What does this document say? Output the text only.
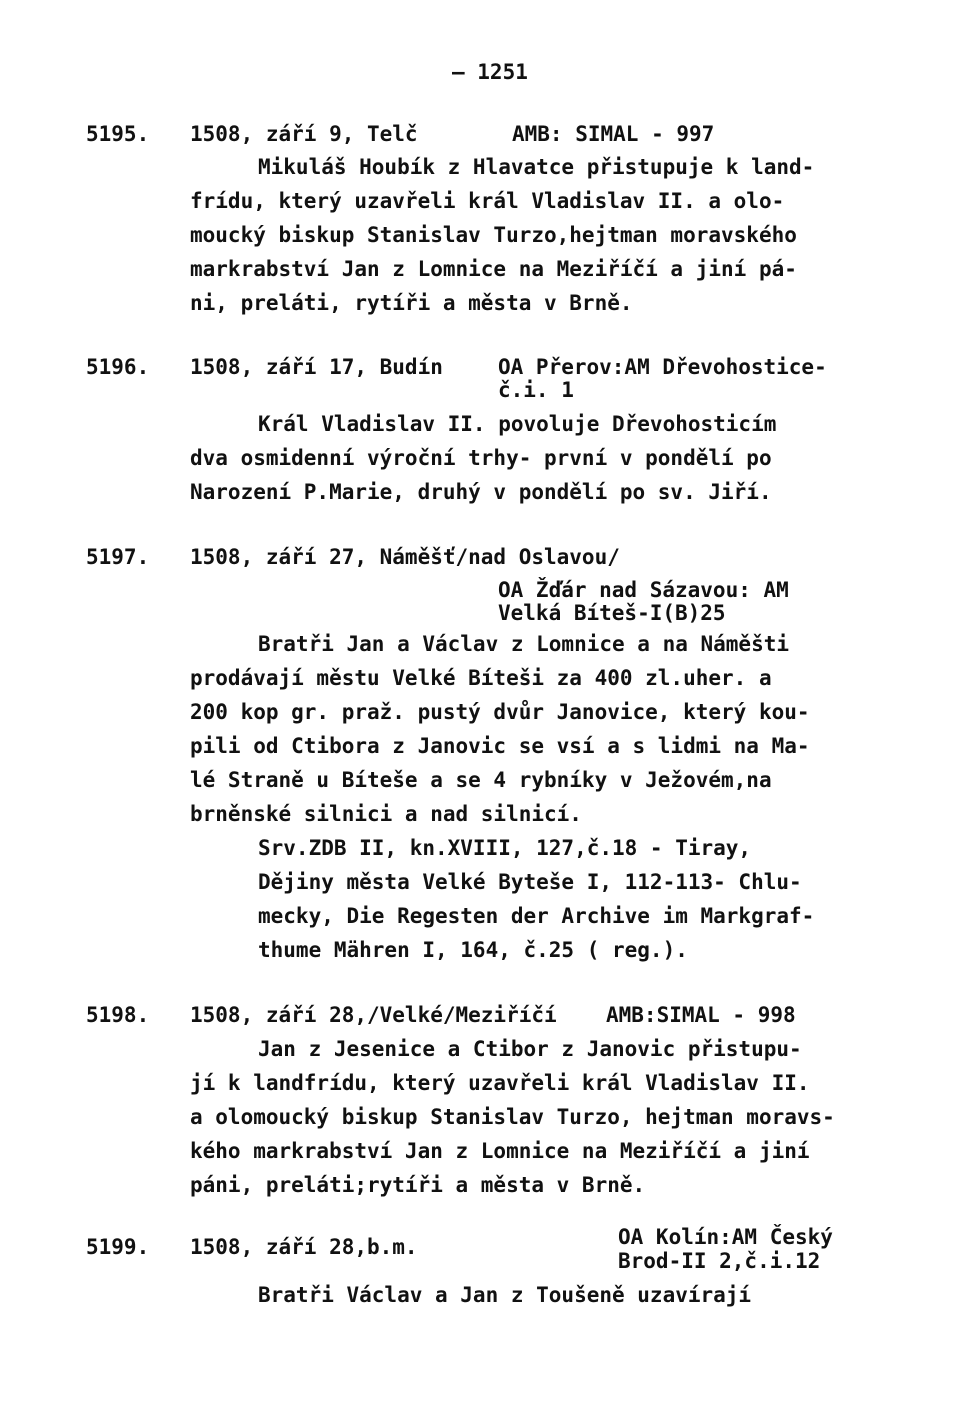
– 1251
5195. 1508, září 9, Telč	AMB: SIMAL - 997
Mikuláš Houbík z Hlavatce přistupuje k land-
frídu, který uzavřeli král Vladislav II. a olo-
moucký biskup Stanislav Turzo,hejtman moravského
markrabství Jan z Lomnice na Meziříčí a jiní pá-
ni, preláti, rytíři a města v Brně.
5196. 1508, září 17, Budín	OA Přerov:AM Dřevohostice-
č.i. 1
Král Vladislav II. povoluje Dřevohosticím
dva osmidenní výroční trhy- první v pondělí po
Narození P.Marie, druhý v pondělí po sv. Jiří.
5197. 1508, září 27, Náměšť/nad Oslavou/
OA Žďár nad Sázavou: AM
Velká Bíteš-I(B)25
Bratři Jan a Václav z Lomnice a na Náměšti
prodávají městu Velké Bíteši za 400 zl.uher. a
200 kop gr. praž. pustý dvůr Janovice, který kou-
pili od Ctibora z Janovic se vsí a s lidmi na Ma-
lé Straně u Bíteše a se 4 rybníky v Ježovém,na
brněnské silnici a nad silnicí.
Srv.ZDB II, kn.XVIII, 127,č.18 - Tiray,
Dějiny města Velké Byteše I, 112-113- Chlu-
mecky, Die Regesten der Archive im Markgraf-
thume Mähren I, 164, č.25 ( reg.).
5198. 1508, září 28,/Velké/Meziříčí AMB:SIMAL - 998
Jan z Jesenice a Ctibor z Janovic přistupu-
jí k landfrídu, který uzavřeli král Vladislav II.
a olomoucký biskup Stanislav Turzo, hejtman moravs-
kého markrabství Jan z Lomnice na Meziříčí a jiní
páni, preláti;rytíři a města v Brně.
5199. 1508, září 28,b.m.	OA Kolín:AM Český
Brod-II 2,č.i.12
Bratři Václav a Jan z Toušeně uzavírají
